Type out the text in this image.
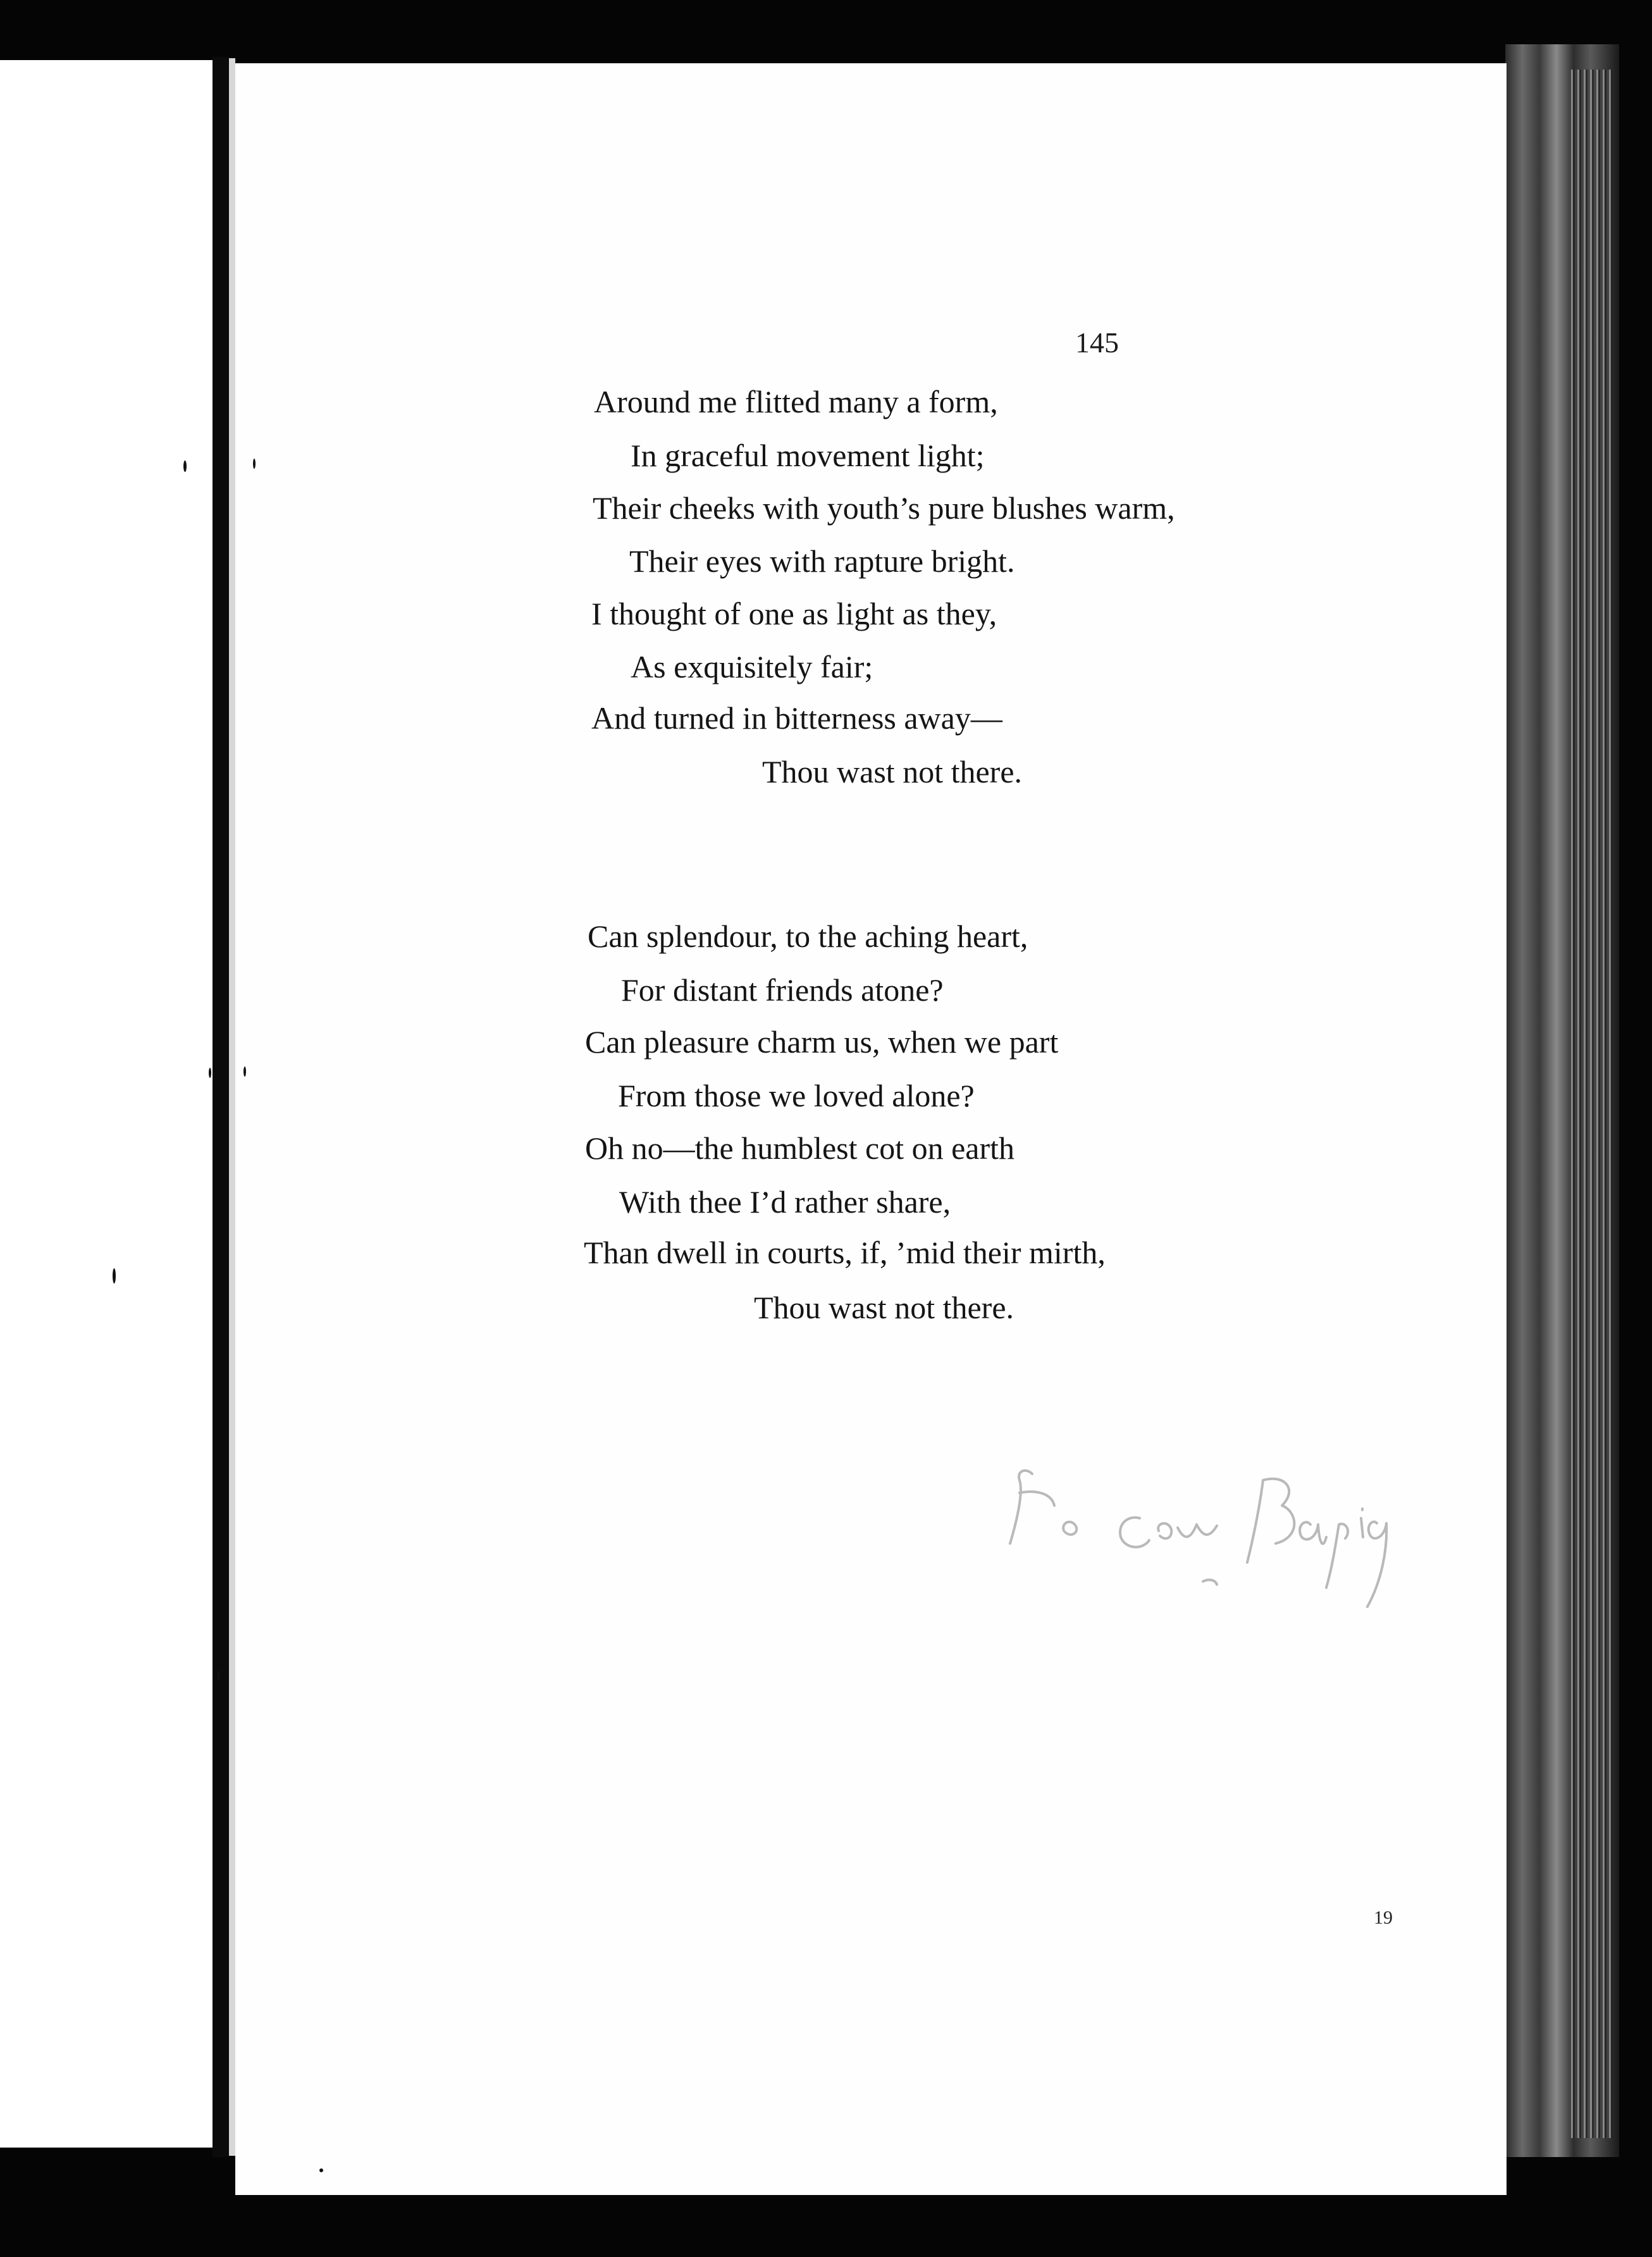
145
Around me flitted many a form,
In graceful movement light;
Their cheeks with youth’s pure blushes warm,
Their eyes with rapture bright.
I thought of one as light as they,
As exquisitely fair;
And turned in bitterness away—
Thou wast not there.
Can splendour, to the aching heart,
For distant friends atone?
Can pleasure charm us, when we part
From those we loved alone?
Oh no—the humblest cot on earth
With thee I’d rather share,
Than dwell in courts, if, ’mid their mirth,
Thou wast not there.
19
